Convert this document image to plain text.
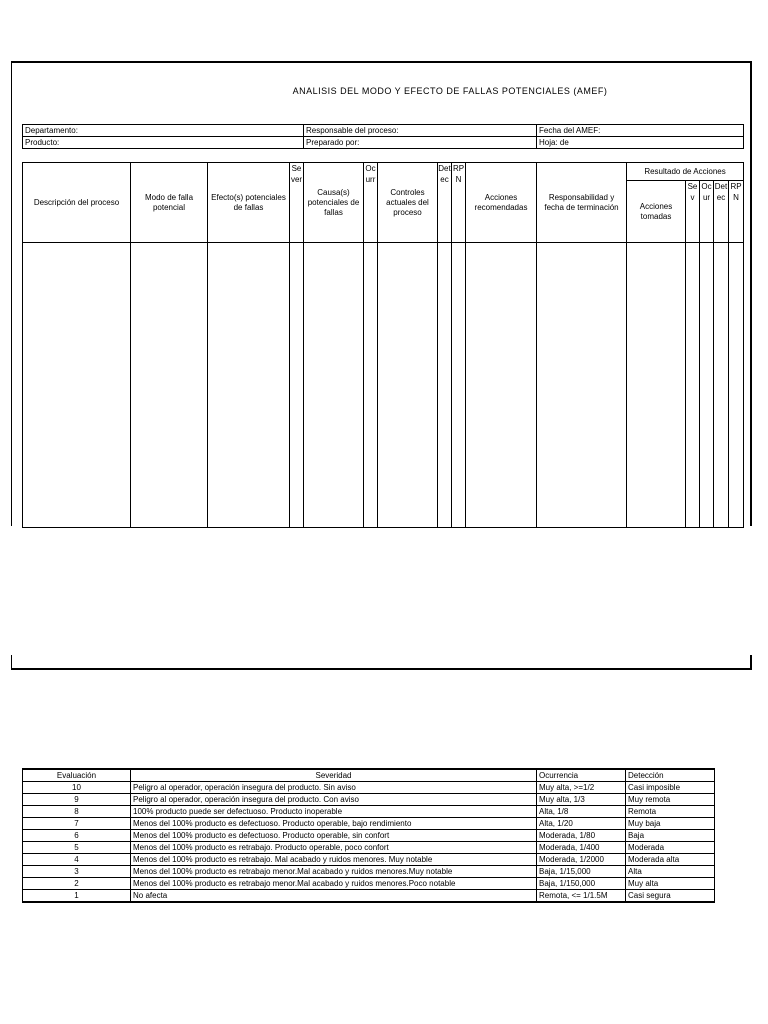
ANALISIS DEL MODO Y EFECTO DE FALLAS POTENCIALES (AMEF)
Departamento:	Responsable del proceso:	Fecha del AMEF:
Producto:	Preparado por:	Hoja: de
Descripción del proceso	Modo de falla potencial	Efecto(s) potenciales de fallas	Sever	Causa(s) potenciales de fallas	Ocurr	Controles actuales del proceso	Detec	RPN	Acciones recomendadas	Responsabilidad y fecha de terminación	Resultado de Acciones				
											Acciones tomadas	Sev	Ocur	Detec	RPN

Evaluación	Severidad	Ocurrencia	Detección
10	Peligro al operador, operación insegura del producto. Sin aviso	Muy alta, >=1/2	Casi imposible
9	Peligro al operador, operación insegura del producto. Con aviso	Muy alta, 1/3	Muy remota
8	100% producto puede ser defectuoso. Producto inoperable	Alta, 1/8	Remota
7	Menos del 100% producto es defectuoso. Producto operable, bajo rendimiento	Alta, 1/20	Muy baja
6	Menos del 100% producto es defectuoso. Producto operable, sin confort	Moderada, 1/80	Baja
5	Menos del 100% producto es retrabajo. Producto operable, poco confort	Moderada, 1/400	Moderada
4	Menos del 100% producto es retrabajo. Mal acabado y ruidos menores. Muy notable	Moderada, 1/2000	Moderada alta
3	Menos del 100% producto es retrabajo menor.Mal acabado y ruidos menores.Muy notable	Baja, 1/15,000	Alta
2	Menos del 100% producto es retrabajo menor.Mal acabado y ruidos menores.Poco notable	Baja, 1/150,000	Muy alta
1	No afecta	Remota, <= 1/1.5M	Casi segura
